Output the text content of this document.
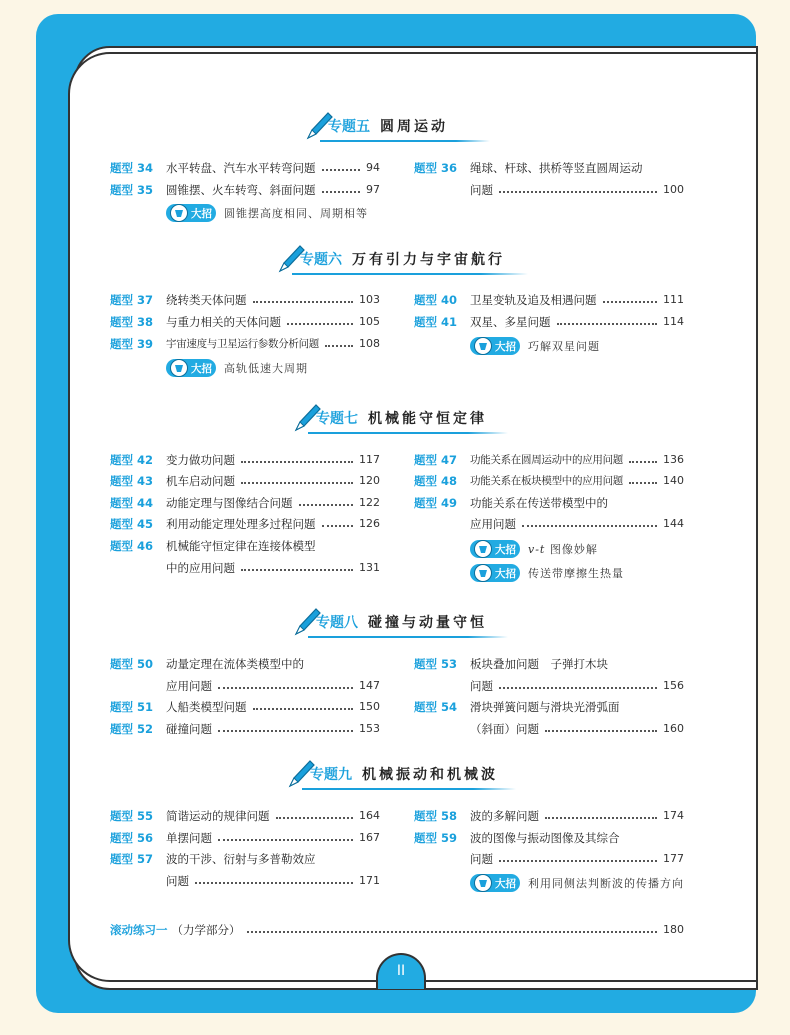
专题五 圆周运动
题型 34	水平转盘、汽车水平转弯问题	94
题型 35	圆锥摆、火车转弯、斜面问题	97
大招 圆锥摆高度相同、周期相等
题型 36	绳球、杆球、拱桥等竖直圆周运动
问题	100
专题六 万有引力与宇宙航行
题型 37	绕转类天体问题	103
题型 38	与重力相关的天体问题	105
题型 39	宇宙速度与卫星运行参数分析问题	108
大招 高轨低速大周期
题型 40	卫星变轨及追及相遇问题	111
题型 41	双星、多星问题	114
大招 巧解双星问题
专题七 机械能守恒定律
题型 42	变力做功问题	117
题型 43	机车启动问题	120
题型 44	动能定理与图像结合问题	122
题型 45	利用动能定理处理多过程问题	126
题型 46	机械能守恒定律在连接体模型
中的应用问题	131
题型 47	功能关系在圆周运动中的应用问题	136
题型 48	功能关系在板块模型中的应用问题	140
题型 49	功能关系在传送带模型中的
应用问题	144
大招 v-t 图像妙解
大招 传送带摩擦生热量
专题八 碰撞与动量守恒
题型 50	动量定理在流体类模型中的
应用问题	147
题型 51	人船类模型问题	150
题型 52	碰撞问题	153
题型 53	板块叠加问题　子弹打木块
问题	156
题型 54	滑块弹簧问题与滑块光滑弧面
（斜面）问题	160
专题九 机械振动和机械波
题型 55	简谐运动的规律问题	164
题型 56	单摆问题	167
题型 57	波的干涉、衍射与多普勒效应
问题	171
题型 58	波的多解问题	174
题型 59	波的图像与振动图像及其综合
问题	177
大招 利用同侧法判断波的传播方向
滚动练习一 （力学部分）	180
II
